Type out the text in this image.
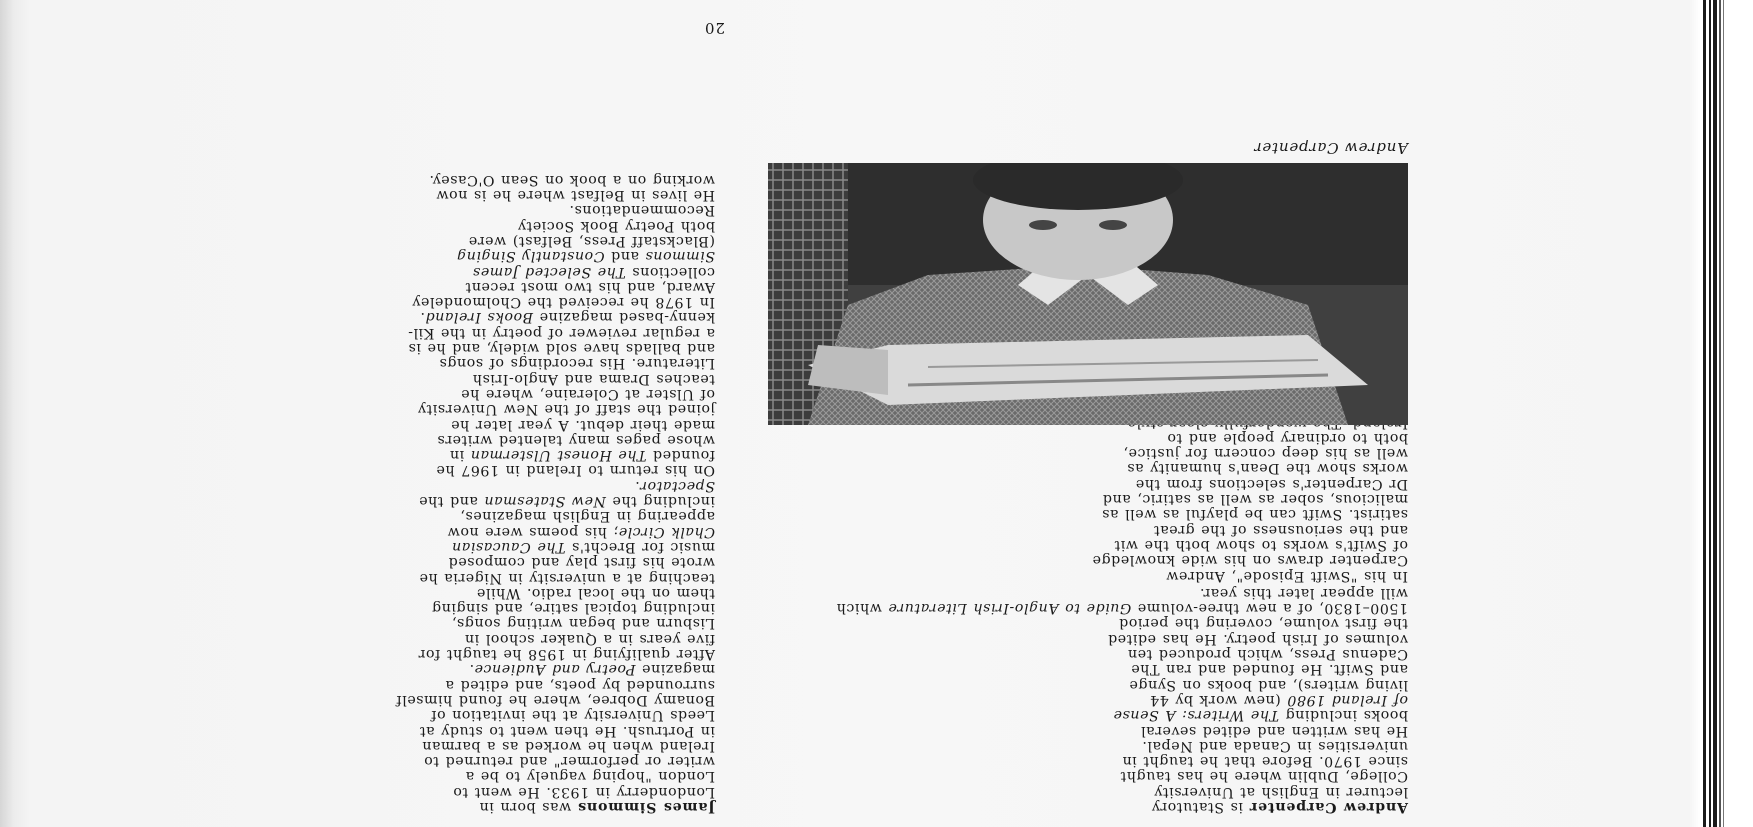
Andrew Carpenter is Statutory
lecturer in English at University
College, Dublin where he has taught
since 1970. Before that he taught in
universities in Canada and Nepal.
He has written and edited several
books including The Writers: A Sense
of Ireland 1980 (new work by 44
living writers), and books on Synge
and Swift. He founded and ran The
Cadenus Press, which produced ten
volumes of Irish poetry. He has edited
the first volume, covering the period
1500–1830, of a new three-volume Guide to Anglo-Irish Literature which
will appear later this year.

In his "Swift Episode", Andrew
Carpenter draws on his wide knowledge
of Swift's works to show both the wit
and the seriousness of the great
satirist. Swift can be playful as well as
malicious, sober as well as satiric, and
Dr Carpenter's selections from the
works show the Dean's humanity as
well as his deep concern for justice,
both to ordinary people and to

Andrew Carpenter

James Simmons was born in
Londonderry in 1933. He went to
London "hoping vaguely to be a
writer or performer" and returned to
Ireland when he worked as a barman
in Portrush. He then went to study at
Leeds University at the invitation of
Bonamy Dobree, where he found himself
surrounded by poets, and edited a
magazine Poetry and Audience.
After qualifying in 1958 he taught for
five years in a Quaker school in
Lisburn and began writing songs,
including topical satire, and singing
them on the local radio. While
teaching at a university in Nigeria he
wrote his first play and composed
music for Brecht's The Caucasian
Chalk Circle; his poems were now
appearing in English magazines,
including the New Statesman and the
Spectator.

On his return to Ireland in 1967 he
founded The Honest Ulsterman in
whose pages many talented writers
made their debut. A year later he
joined the staff of the New University
of Ulster at Coleraine, where he
teaches Drama and Anglo-Irish
Literature. His recordings of songs
and ballads have sold widely, and he is
a regular reviewer of poetry in the Kil-
kenny-based magazine Books Ireland.

In 1978 he received the Cholmondeley
Award, and his two most recent
collections The Selected James
Simmons and Constantly Singing
(Blackstaff Press, Belfast) were
both Poetry Book Society
Recommendations.

He lives in Belfast where he is now
working on a book on Sean O'Casey.

20
